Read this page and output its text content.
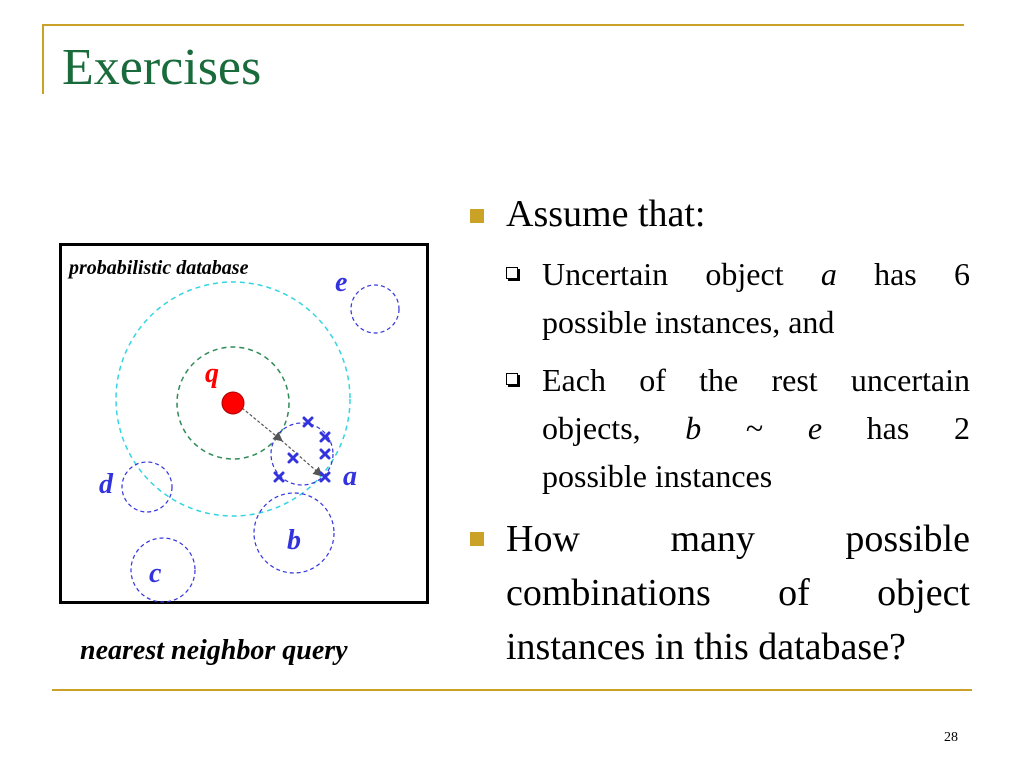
Exercises
probabilistic database
q
e
a
b
c
d
nearest neighbor query
Assume that:
Uncertain object a has 6
possible instances, and
Each of the rest uncertain
objects, b ~ e has 2
possible instances
How many possible
combinations of object
instances in this database?
28
